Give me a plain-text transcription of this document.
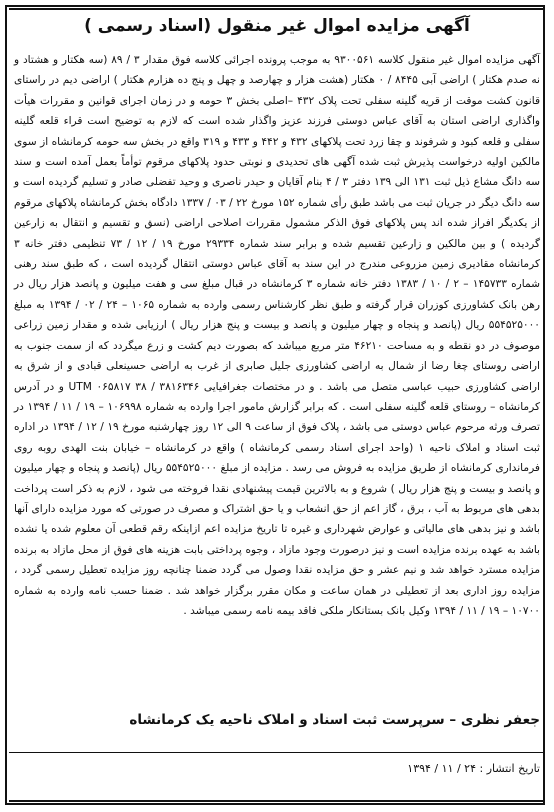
آگهی مزایده اموال غیر منقول (اسناد رسمی )
آگهی مزایده اموال غیر منقول کلاسه ۹۳۰۰۵۶۱ به موجب پرونده اجرائی کلاسه فوق مقدار ۳ / ۸۹ (سه هکتار و هشتاد و نه صدم هکتار ) اراضی آبی ۸۴۴۵ / ۰ هکتار (هشت هزار و چهارصد و چهل و پنج ده هزارم هکتار ) اراضی دیم در راستای قانون کشت موقت از قریه گلینه سفلی تحت پلاک ۴۳۲ –اصلی بخش ۳ حومه و در زمان اجرای قوانین و مقررات هیأت واگذاری اراضی استان به آقای عباس دوستی فرزند عزیز واگذار شده است که لازم به توضیح است قراء قلعه گلینه سفلی و قلعه کبود و شرفوند و چقا زرد تحت پلاکهای ۴۳۲ و ۴۴۲ و ۴۳۳ و ۳۱۹ واقع در بخش سه حومه کرمانشاه از سوی مالکین اولیه درخواست پذیرش ثبت شده آگهی های تحدیدی و نوبتی حدود پلاکهای مرقوم توأماً بعمل آمده است و سند سه دانگ مشاع ذیل ثبت ۱۳۱ الی ۱۳۹ دفتر ۳ / ۴ بنام آقایان و حیدر ناصری و وحید تفضلی صادر و تسلیم گردیده است و سه دانگ دیگر در جریان ثبت می باشد طبق رأی شماره ۱۵۲ مورخ ۲۲ / ۰۳ / ۱۳۳۷ دادگاه بخش کرمانشاه پلاکهای مرقوم از یکدیگر افراز شده اند پس پلاکهای فوق الذکر مشمول مقررات اصلاحی اراضی (نسق و تقسیم و انتقال به زارعین گردیده ) و بین مالکین و زارعین تقسیم شده و برابر سند شماره ۲۹۳۳۴ مورخ ۱۹ / ۱۲ / ۷۳ تنظیمی دفتر خانه ۳ کرمانشاه مقادیری زمین مزروعی مندرج در این سند به آقای عباس دوستی انتقال گردیده است ، که طبق سند رهنی شماره ۱۴۵۷۳۳ – ۲ / ۱۰ / ۱۳۸۳ دفتر خانه شماره ۳ کرمانشاه در قبال مبلغ سی و هفت میلیون و پانصد هزار ریال در رهن بانک کشاورزی کوزران قرار گرفته و طبق نظر کارشناس رسمی وارده به شماره ۱۰۶۵ – ۲۴ / ۰۲ / ۱۳۹۴ به مبلغ ۵۵۴۵۲۵۰۰۰ ریال (پانصد و پنجاه و چهار میلیون و پانصد و بیست و پنج هزار ریال ) ارزیابی شده و مقدار زمین زراعی موصوف در دو نقطه و به مساحت ۴۶۲۱۰ متر مربع میباشد که بصورت دیم کشت و زرع میگردد که از سمت جنوب به اراضی روستای چغا رضا از شمال به اراضی کشاورزی جلیل صابری از غرب به اراضی حسینعلی قبادی و از شرق به اراضی کشاورزی حبیب عباسی متصل می باشد . و در مختصات جغرافیایی UTM ۰۶۵۸۱۷ ۳۸ / ۳۸۱۶۳۴۶ و در آدرس کرمانشاه – روستای قلعه گلینه سفلی است . که برابر گزارش مامور اجرا وارده به شماره ۱۰۶۹۹۸ – ۱۹ / ۱۱ / ۱۳۹۴ در تصرف ورثه مرحوم عباس دوستی می باشد ، پلاک فوق از ساعت ۹ الی ۱۲ روز چهارشنبه مورخ ۱۹ / ۱۲ / ۱۳۹۴ در اداره ثبت اسناد و املاک ناحیه ۱ (واحد اجرای اسناد رسمی کرمانشاه ) واقع در کرمانشاه – خیابان بنت الهدی روبه روی فرمانداری کرمانشاه از طریق مزایده به فروش می رسد . مزایده از مبلغ ۵۵۴۵۲۵۰۰۰ ریال (پانصد و پنجاه و چهار میلیون و پانصد و بیست و پنج هزار ریال ) شروع و به بالاترین قیمت پیشنهادی نقدا فروخته می شود ، لازم به ذکر است پرداخت بدهی های مربوط به آب ، برق ، گاز اعم از حق انشعاب و یا حق اشتراک و مصرف در صورتی که مورد مزایده دارای آنها باشد و نیز بدهی های مالیاتی و عوارض شهرداری و غیره تا تاریخ مزایده اعم ازاینکه رقم قطعی آن معلوم شده یا نشده باشد به عهده برنده مزایده است و نیز درصورت وجود مازاد ، وجوه پرداختی بابت هزینه های فوق از محل مازاد به برنده مزایده مسترد خواهد شد و نیم عشر و حق مزایده نقدا وصول می گردد ضمنا چنانچه روز مزایده تعطیل رسمی گردد ، مزایده روز اداری بعد از تعطیلی در همان ساعت و مکان مقرر برگزار خواهد شد . ضمنا حسب نامه وارده به شماره ۱۰۷۰۰ – ۱۹ / ۱۱ / ۱۳۹۴ وکیل بانک بستانکار ملکی فاقد بیمه نامه رسمی میباشد .
جعفر نظری – سرپرست ثبت اسناد و املاک ناحیه یک کرمانشاه
تاریخ انتشار : ۲۴ / ۱۱ / ۱۳۹۴
